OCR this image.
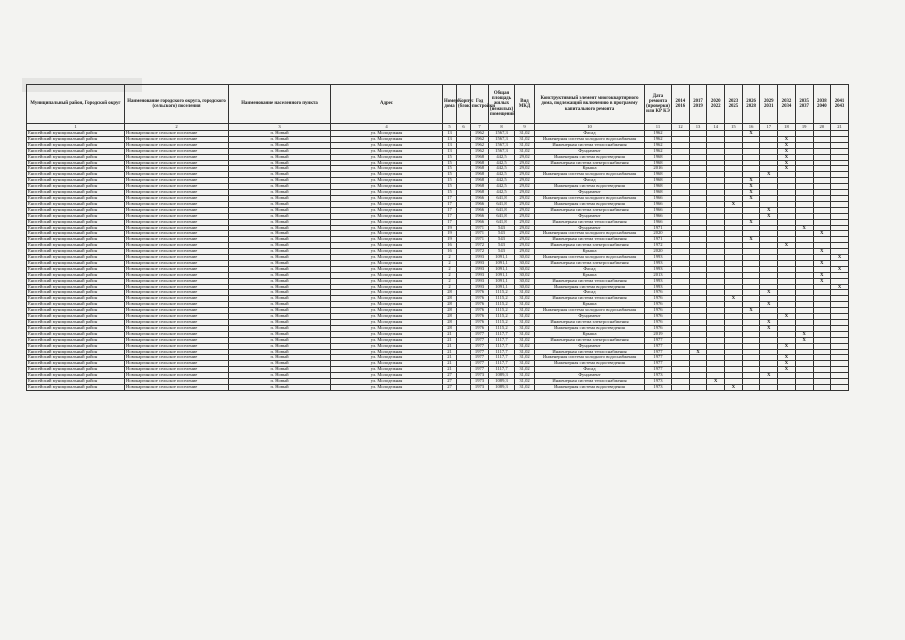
Муниципальный район, Городской округ	Наименование городского округа, городского (сельского) поселения	Наименование населенного пункта	Адрес	Номер дома	Корпус (блок)	Год постройки	Общая площадь жилых (нежилых) помещений	Вид МКД	Конструктивный элемент многоквартирного дома, подлежащий включению в программу капитального ремонта	Дата ремонта (проверки) или КР КЭ	2014 2016	2017 2019	2020 2022	2023 2025	2026 2028	2029 2031	2032 2034	2035 2037	2038 2040	2041 2043
1	2	3	4	5	6	7	8	9	10	11	12	13	14	15	16	17	18	19	20	21
Енисейский муниципальный район	Новокаргинское сельское поселение	п. Новый	ул. Молодежная	13		1962	1567,3	31,02	Фасад	1962					X					
Енисейский муниципальный район	Новокаргинское сельское поселение	п. Новый	ул. Молодежная	13		1962	1567,3	31,02	Инженерная система холодного водоснабжения	1962							X			
Енисейский муниципальный район	Новокаргинское сельское поселение	п. Новый	ул. Молодежная	13		1962	1567,3	31,02	Инженерная система теплоснабжения	1962							X			
Енисейский муниципальный район	Новокаргинское сельское поселение	п. Новый	ул. Молодежная	13		1962	1567,3	31,02	Фундамент	1962							X			
Енисейский муниципальный район	Новокаргинское сельское поселение	п. Новый	ул. Молодежная	15		1968	442,5	29,02	Инженерная система водоотведения	1968							X			
Енисейский муниципальный район	Новокаргинское сельское поселение	п. Новый	ул. Молодежная	15		1968	442,5	29,02	Инженерная система электроснабжения	1968							X			
Енисейский муниципальный район	Новокаргинское сельское поселение	п. Новый	ул. Молодежная	15		1968	442,5	29,02	Крыша	2016							X			
Енисейский муниципальный район	Новокаргинское сельское поселение	п. Новый	ул. Молодежная	15		1968	442,5	29,02	Инженерная система холодного водоснабжения	1968						X				
Енисейский муниципальный район	Новокаргинское сельское поселение	п. Новый	ул. Молодежная	15		1968	442,5	29,02	Фасад	1968					X					
Енисейский муниципальный район	Новокаргинское сельское поселение	п. Новый	ул. Молодежная	15		1968	442,5	29,02	Инженерная система водоотведения	1968					X					
Енисейский муниципальный район	Новокаргинское сельское поселение	п. Новый	ул. Молодежная	15		1968	442,5	29,02	Фундамент	1968					X					
Енисейский муниципальный район	Новокаргинское сельское поселение	п. Новый	ул. Молодежная	17		1966	641,8	29,02	Инженерная система холодного водоснабжения	1966					X					
Енисейский муниципальный район	Новокаргинское сельское поселение	п. Новый	ул. Молодежная	17		1966	641,8	29,02	Инженерная система водоотведения	1966				X						
Енисейский муниципальный район	Новокаргинское сельское поселение	п. Новый	ул. Молодежная	17		1966	641,8	29,02	Инженерная система электроснабжения	1966						X				
Енисейский муниципальный район	Новокаргинское сельское поселение	п. Новый	ул. Молодежная	17		1966	641,8	29,02	Фундамент	1966						X				
Енисейский муниципальный район	Новокаргинское сельское поселение	п. Новый	ул. Молодежная	17		1966	641,8	29,02	Инженерная система теплоснабжения	1966					X					
Енисейский муниципальный район	Новокаргинское сельское поселение	п. Новый	ул. Молодежная	19		1971	543	29,02	Фундамент	1971								X		
Енисейский муниципальный район	Новокаргинское сельское поселение	п. Новый	ул. Молодежная	19		1971	543	29,02	Инженерная система холодного водоснабжения	2020									X	
Енисейский муниципальный район	Новокаргинское сельское поселение	п. Новый	ул. Молодежная	19		1971	543	29,02	Инженерная система теплоснабжения	1971					X					
Енисейский муниципальный район	Новокаргинское сельское поселение	п. Новый	ул. Молодежная	16		1972	543	29,02	Инженерная система электроснабжения	1972							X			
Енисейский муниципальный район	Новокаргинское сельское поселение	п. Новый	ул. Молодежная	16		1972	543	29,02	Крыша	2020									X	
Енисейский муниципальный район	Новокаргинское сельское поселение	п. Новый	ул. Молодежная	2		1993	1091,1	30,02	Инженерная система холодного водоснабжения	1993										X
Енисейский муниципальный район	Новокаргинское сельское поселение	п. Новый	ул. Молодежная	2		1993	1091,1	30,02	Инженерная система электроснабжения	1993									X	
Енисейский муниципальный район	Новокаргинское сельское поселение	п. Новый	ул. Молодежная	2		1993	1091,1	30,02	Фасад	1993										X
Енисейский муниципальный район	Новокаргинское сельское поселение	п. Новый	ул. Молодежная	2		1993	1091,1	30,02	Крыша	2013									X	
Енисейский муниципальный район	Новокаргинское сельское поселение	п. Новый	ул. Молодежная	2		1993	1091,1	30,02	Инженерная система теплоснабжения	1993									X	
Енисейский муниципальный район	Новокаргинское сельское поселение	п. Новый	ул. Молодежная	2		1993	1091,1	30,02	Инженерная система водоотведения	1993										X
Енисейский муниципальный район	Новокаргинское сельское поселение	п. Новый	ул. Молодежная	28		1976	1115,2	31,02	Фасад	1976						X				
Енисейский муниципальный район	Новокаргинское сельское поселение	п. Новый	ул. Молодежная	28		1976	1115,2	31,02	Инженерная система теплоснабжения	1976				X						
Енисейский муниципальный район	Новокаргинское сельское поселение	п. Новый	ул. Молодежная	28		1976	1115,2	31,02	Крыша	1976						X				
Енисейский муниципальный район	Новокаргинское сельское поселение	п. Новый	ул. Молодежная	28		1976	1115,2	31,02	Инженерная система холодного водоснабжения	1976					X					
Енисейский муниципальный район	Новокаргинское сельское поселение	п. Новый	ул. Молодежная	28		1976	1115,2	31,02	Фундамент	1976							X			
Енисейский муниципальный район	Новокаргинское сельское поселение	п. Новый	ул. Молодежная	28		1976	1115,2	31,02	Инженерная система электроснабжения	1976						X				
Енисейский муниципальный район	Новокаргинское сельское поселение	п. Новый	ул. Молодежная	28		1976	1115,2	31,02	Инженерная система водоотведения	1976						X				
Енисейский муниципальный район	Новокаргинское сельское поселение	п. Новый	ул. Молодежная	21		1977	1117,7	31,02	Крыша	2019								X		
Енисейский муниципальный район	Новокаргинское сельское поселение	п. Новый	ул. Молодежная	21		1977	1117,7	31,02	Инженерная система электроснабжения	1977								X		
Енисейский муниципальный район	Новокаргинское сельское поселение	п. Новый	ул. Молодежная	21		1977	1117,7	31,02	Фундамент	1977							X			
Енисейский муниципальный район	Новокаргинское сельское поселение	п. Новый	ул. Молодежная	21		1977	1117,7	31,02	Инженерная система теплоснабжения	1977		X								
Енисейский муниципальный район	Новокаргинское сельское поселение	п. Новый	ул. Молодежная	21		1977	1117,7	31,02	Инженерная система холодного водоснабжения	1977							X			
Енисейский муниципальный район	Новокаргинское сельское поселение	п. Новый	ул. Молодежная	21		1977	1117,7	31,02	Инженерная система водоотведения	1977							X			
Енисейский муниципальный район	Новокаргинское сельское поселение	п. Новый	ул. Молодежная	21		1977	1117,7	31,02	Фасад	1977							X			
Енисейский муниципальный район	Новокаргинское сельское поселение	п. Новый	ул. Молодежная	27		1973	1089,3	31,02	Фундамент	1973						X				
Енисейский муниципальный район	Новокаргинское сельское поселение	п. Новый	ул. Молодежная	27		1973	1089,3	31,02	Инженерная система теплоснабжения	1973			X							
Енисейский муниципальный район	Новокаргинское сельское поселение	п. Новый	ул. Молодежная	27		1973	1089,3	31,02	Инженерная система водоотведения	1973				X						
